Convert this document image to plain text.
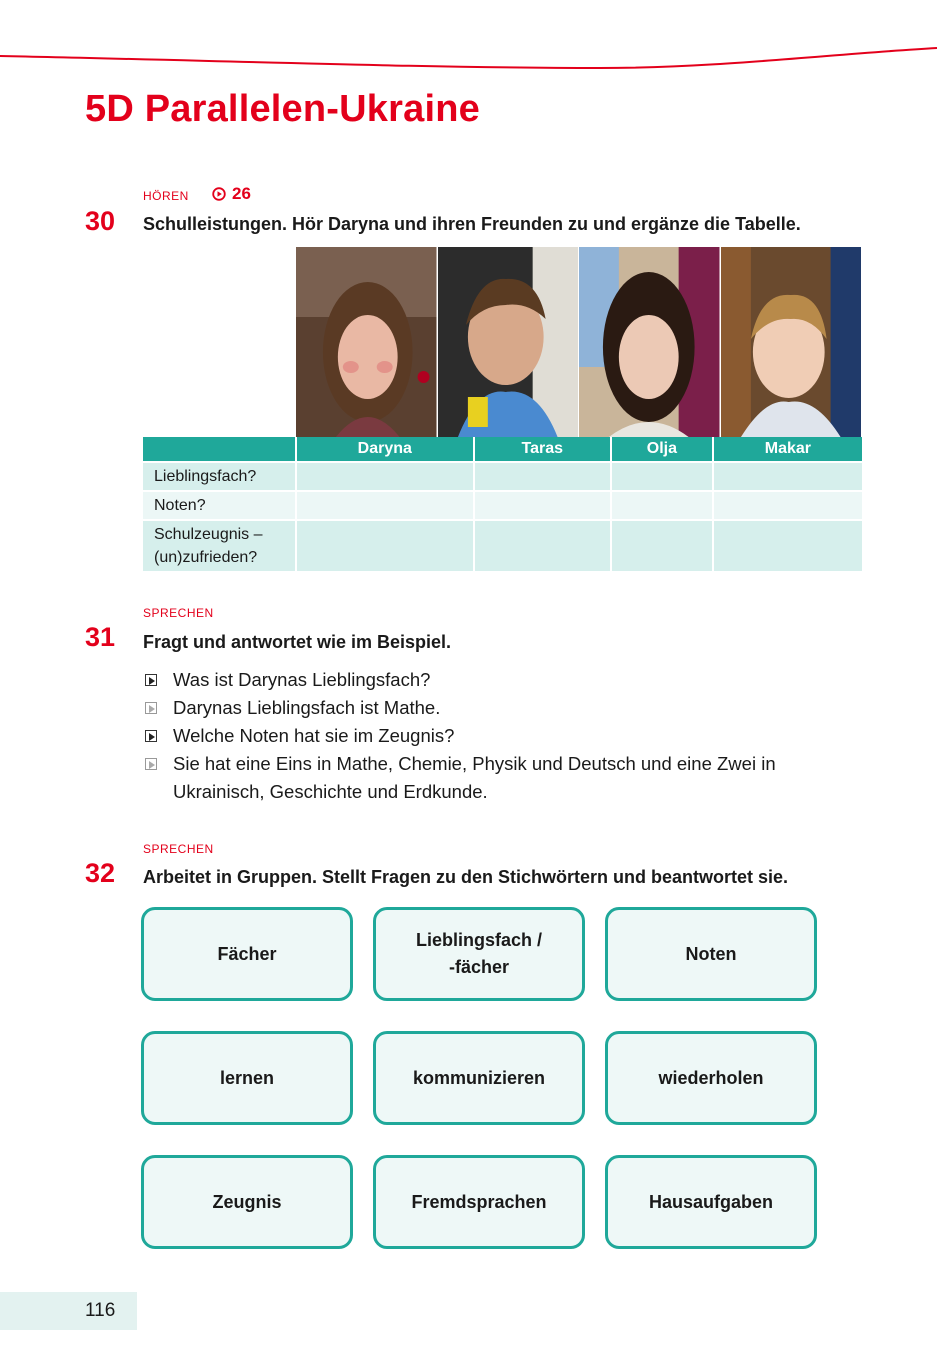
5D Parallelen-Ukraine
HÖREN	26
30 Schulleistungen. Hör Daryna und ihren Freunden zu und ergänze die Tabelle.
	Daryna	Taras	Olja	Makar
Lieblingsfach?				
Noten?				
Schulzeugnis –
(un)zufrieden?				
SPRECHEN
31 Fragt und antwortet wie im Beispiel.
Was ist Darynas Lieblingsfach?
Darynas Lieblingsfach ist Mathe.
Welche Noten hat sie im Zeugnis?
Sie hat eine Eins in Mathe, Chemie, Physik und Deutsch und eine Zwei in Ukrainisch, Geschichte und Erdkunde.
SPRECHEN
32 Arbeitet in Gruppen. Stellt Fragen zu den Stichwörtern und beantwortet sie.
Fächer
Lieblingsfach /
-fächer
Noten
lernen	kommunizieren	wiederholen
Zeugnis	Fremdsprachen	Hausaufgaben
116
